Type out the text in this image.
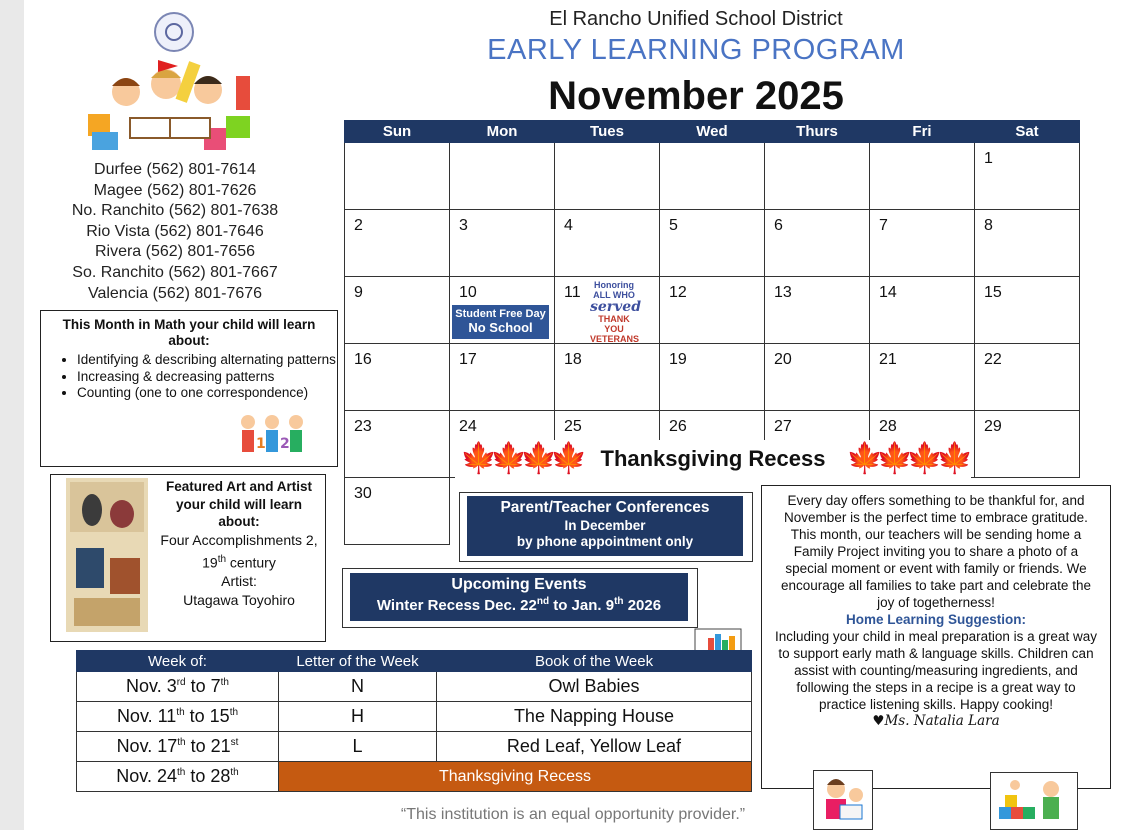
El Rancho Unified School District
EARLY LEARNING PROGRAM
November 2025
Durfee (562) 801-7614
Magee (562) 801-7626
No. Ranchito (562) 801-7638
Rio Vista (562) 801-7646
Rivera (562) 801-7656
So. Ranchito (562) 801-7667
Valencia (562) 801-7676
This Month in Math your child will learn about:
• Identifying & describing alternating patterns
• Increasing & decreasing patterns
• Counting (one to one correspondence)
1 2
Featured Art and Artist your child will learn about:
Four Accomplishments 2,
19th century
Artist:
Utagawa Toyohiro
Sun	Mon	Tues	Wed	Thurs	Fri	Sat

						1

2	3	4	5	6	7	8

9	10	11	12	13	14	15

16	17	18	19	20	21	22

23	24	25	26	27	28	29

30						

Student Free Day
No School
Honoring
ALL WHO
served
THANK YOU
VETERANS
🍁
🍁
🍁
🍁 Thanksgiving Recess 🍁
🍁
🍁
🍁
Parent/Teacher Conferences
In December
by phone appointment only
Upcoming Events
Winter Recess Dec. 22nd to Jan. 9th 2026
Every day offers something to be thankful for, and November is the perfect time to embrace gratitude. This month, our teachers will be sending home a Family Project inviting you to share a photo of a special moment or event with family or friends. We encourage all families to take part and celebrate the joy of togetherness!
Home Learning Suggestion:
Including your child in meal preparation is a great way to support early math & language skills. Children can assist with counting/measuring ingredients, and following the steps in a recipe is a great way to practice listening skills. Happy cooking!
♥Ms. Natalia Lara
Week of:	Letter of the Week	Book of the Week
Nov. 3rd to 7th	N	Owl Babies
Nov. 11th to 15th	H	The Napping House
Nov. 17th to 21st	L	Red Leaf, Yellow Leaf
Nov. 24th to 28th	Thanksgiving Recess	
“This institution is an equal opportunity provider.”
